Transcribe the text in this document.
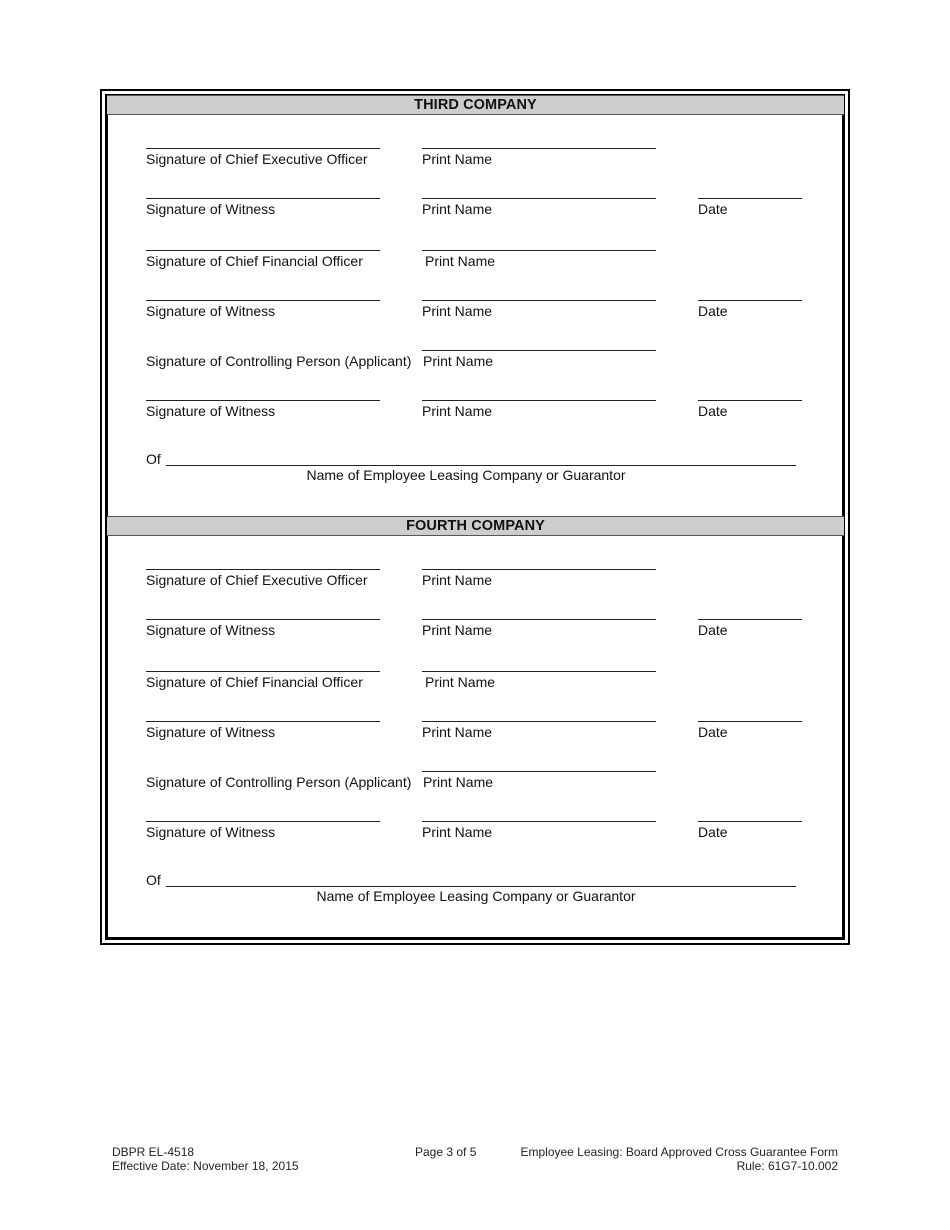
THIRD COMPANY
Signature of Chief Executive Officer	Print Name
Signature of Witness	Print Name	Date
Signature of Chief Financial Officer	Print Name
Signature of Witness	Print Name	Date
Signature of Controlling Person (Applicant) Print Name
Signature of Witness	Print Name	Date
Of
Name of Employee Leasing Company or Guarantor
FOURTH COMPANY
Signature of Chief Executive Officer	Print Name
Signature of Witness	Print Name	Date
Signature of Chief Financial Officer	Print Name
Signature of Witness	Print Name	Date
Signature of Controlling Person (Applicant) Print Name
Signature of Witness	Print Name	Date
Of
Name of Employee Leasing Company or Guarantor
DBPR EL-4518
Effective Date: November 18, 2015
Page 3 of 5	Employee Leasing: Board Approved Cross Guarantee Form
Rule: 61G7-10.002
